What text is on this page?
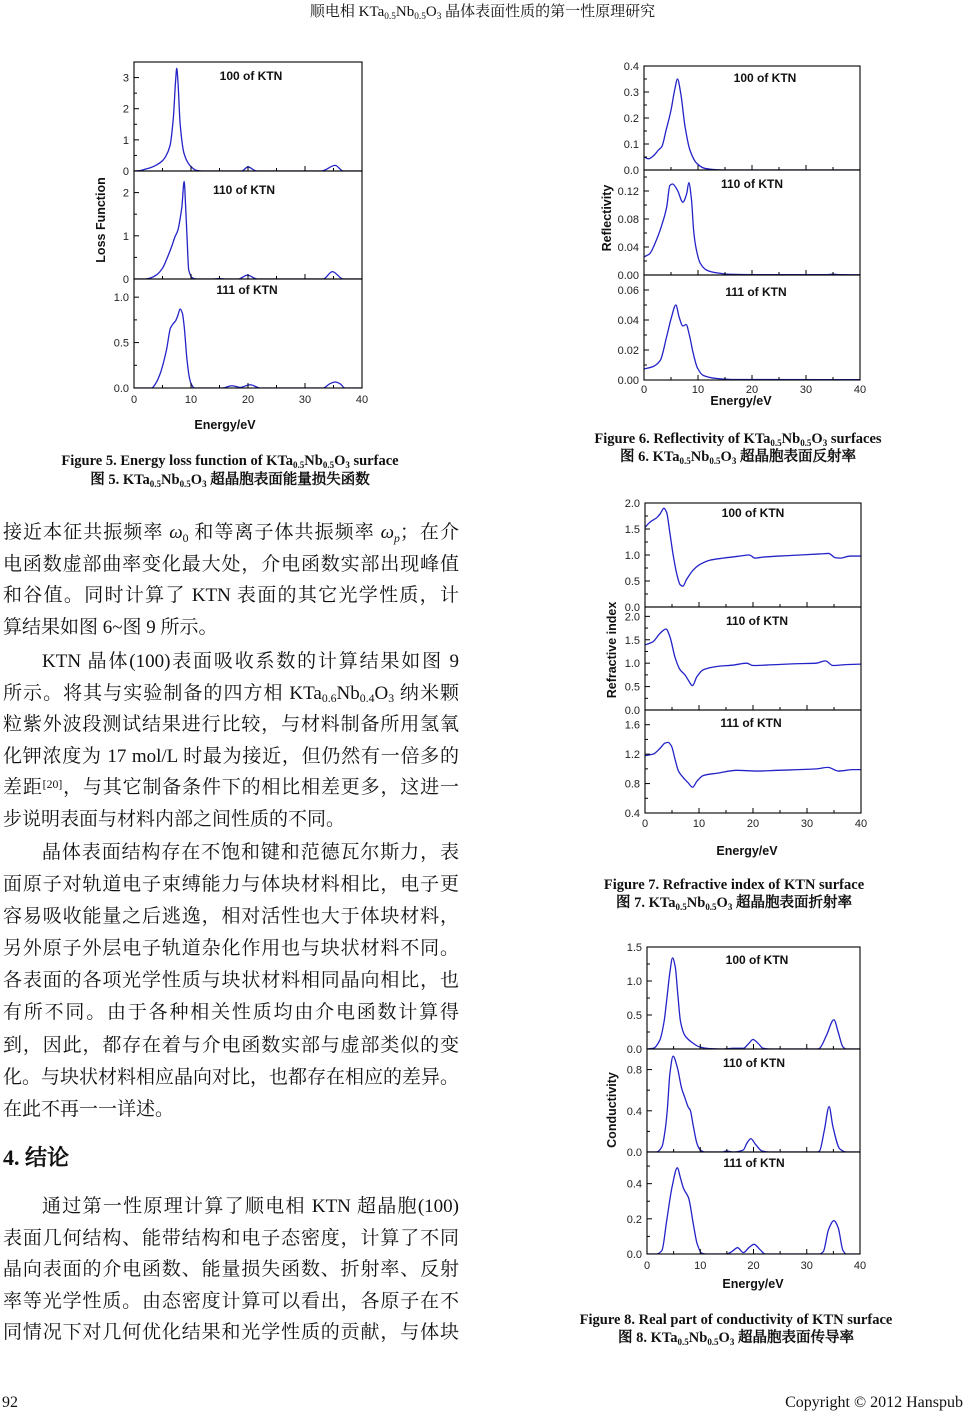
顺电相 $KTa_{0.5}Nb_{0.5}O_3$ 晶体表面性质的第一性原理研究
0
1
2
3	100 of KTN
0
1
2	110 of KTN
0.0
0.5
1.0
111 of KTN
0	10	20	30	40
Energy/eV
Loss Function
Figure 5. Energy loss function of $KTa_{0.5}Nb_{0.5}O_3$ surface
图 5. $KTa_{0.5}Nb_{0.5}O_3$ 超晶胞表面能量损失函数
接近本征共振频率 $\omega_0$ 和等离子体共振频率 $\omega_p$；在介
电函数虚部曲率变化最大处，介电函数实部出现峰值
和谷值。同时计算了 KTN 表面的其它光学性质，计
算结果如图 6~图 9 所示。
KTN 晶体(100)表面吸收系数的计算结果如图 9
所示。将其与实验制备的四方相 $KTa_{0.6}Nb_{0.4}O_3$ 纳米颗
粒紫外波段测试结果进行比较，与材料制备所用氢氧
化钾浓度为 17 mol/L 时最为接近，但仍然有一倍多的
差距[20]，与其它制备条件下的相比相差更多，这进一
步说明表面与材料内部之间性质的不同。
晶体表面结构存在不饱和键和范德瓦尔斯力，表
面原子对轨道电子束缚能力与体块材料相比，电子更
容易吸收能量之后逃逸，相对活性也大于体块材料，
另外原子外层电子轨道杂化作用也与块状材料不同。
各表面的各项光学性质与块状材料相同晶向相比，也
有所不同。由于各种相关性质均由介电函数计算得
到，因此，都存在着与介电函数实部与虚部类似的变
化。与块状材料相应晶向对比，也都存在相应的差异。
在此不再一一详述。
4. 结论
通过第一性原理计算了顺电相 KTN 超晶胞(100)
表面几何结构、能带结构和电子态密度，计算了不同
晶向表面的介电函数、能量损失函数、折射率、反射
率等光学性质。由态密度计算可以看出，各原子在不
同情况下对几何优化结果和光学性质的贡献，与体块
0.0
0.1
0.2
0.3
0.4
100 of KTN
0.00
0.04
0.08
0.12
110 of KTN
0.00
0.02
0.04
0.06	111 of KTN
0	10	20	30	40
Energy/eV
Reflectivity
Figure 6. Reflectivity of $KTa_{0.5}Nb_{0.5}O_3$ surfaces
图 6. $KTa_{0.5}Nb_{0.5}O_3$ 超晶胞表面反射率
0.0
0.5
1.0
1.5
2.0
100 of KTN
0.0
0.5
1.0
1.5
2.0	110 of KTN
0.4
0.8
1.2
1.6	111 of KTN
0	10	20	30	40
Energy/eV
Refractive index
Figure 7. Refractive index of KTN surface
图 7. $KTa_{0.5}Nb_{0.5}O_3$ 超晶胞表面折射率
0.0
0.5
1.0
1.5
100 of KTN
0.0
0.4
0.8
110 of KTN
0.0
0.2
0.4
111 of KTN
0	10	20	30	40
Energy/eV
Conductivity
Figure 8. Real part of conductivity of KTN surface
图 8. $KTa_{0.5}Nb_{0.5}O_3$ 超晶胞表面传导率
92	Copyright © 2012 Hanspub
